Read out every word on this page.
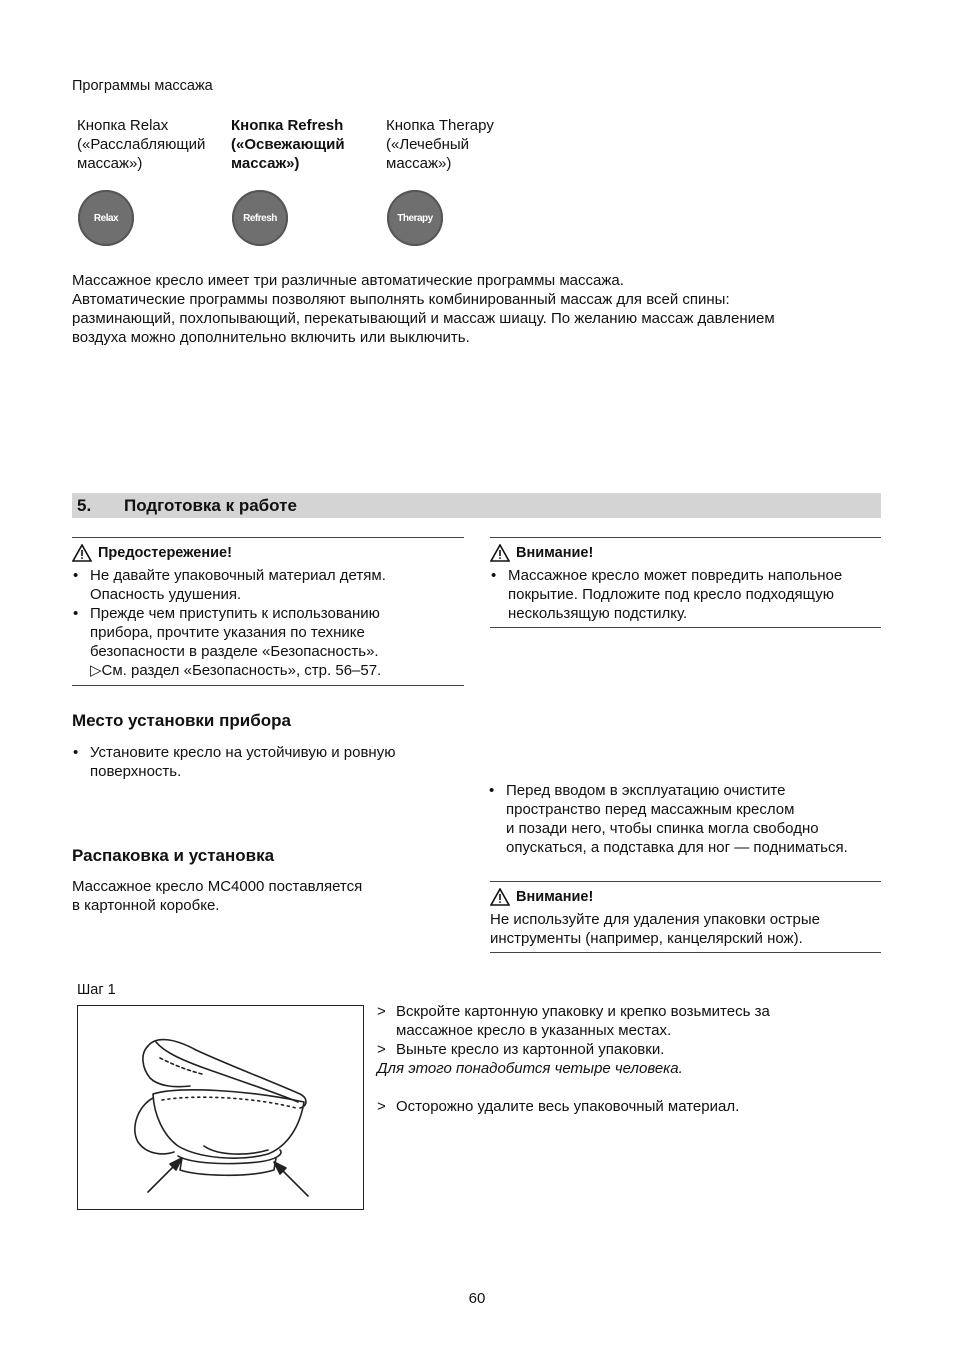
Программы массажа
Кнопка Relax
(«Расслабляющий
массаж»)
Кнопка Refresh
(«Освежающий
массаж»)
Кнопка Therapy
(«Лечебный
массаж»)
Relax	Refresh	Therapy
Массажное кресло имеет три различные автоматические программы массажа.
Автоматические программы позволяют выполнять комбинированный массаж для всей спины:
разминающий, похлопывающий, перекатывающий и массаж шиацу. По желанию массаж давлением
воздуха можно дополнительно включить или выключить.
5. Подготовка к работе
Предостережение!
• Не давайте упаковочный материал детям.
Опасность удушения.
• Прежде чем приступить к использованию
прибора, прочтите указания по технике
безопасности в разделе «Безопасность».
▷См. раздел «Безопасность», стр. 56–57.
Внимание!
• Массажное кресло может повредить напольное
покрытие. Подложите под кресло подходящую
нескользящую подстилку.
Место установки прибора
• Установите кресло на устойчивую и ровную
поверхность.
• Перед вводом в эксплуатацию очистите
пространство перед массажным креслом
и позади него, чтобы спинка могла свободно
опускаться, а подставка для ног — подниматься.
Распаковка и установка
Массажное кресло MC4000 поставляется
в картонной коробке.	Внимание!
Не используйте для удаления упаковки острые
инструменты (например, канцелярский нож).
Шаг 1
> Вскройте картонную упаковку и крепко возьмитесь за
массажное кресло в указанных местах.
> Выньте кресло из картонной упаковки.
Для этого понадобится четыре человека.
> Осторожно удалите весь упаковочный материал.
60
